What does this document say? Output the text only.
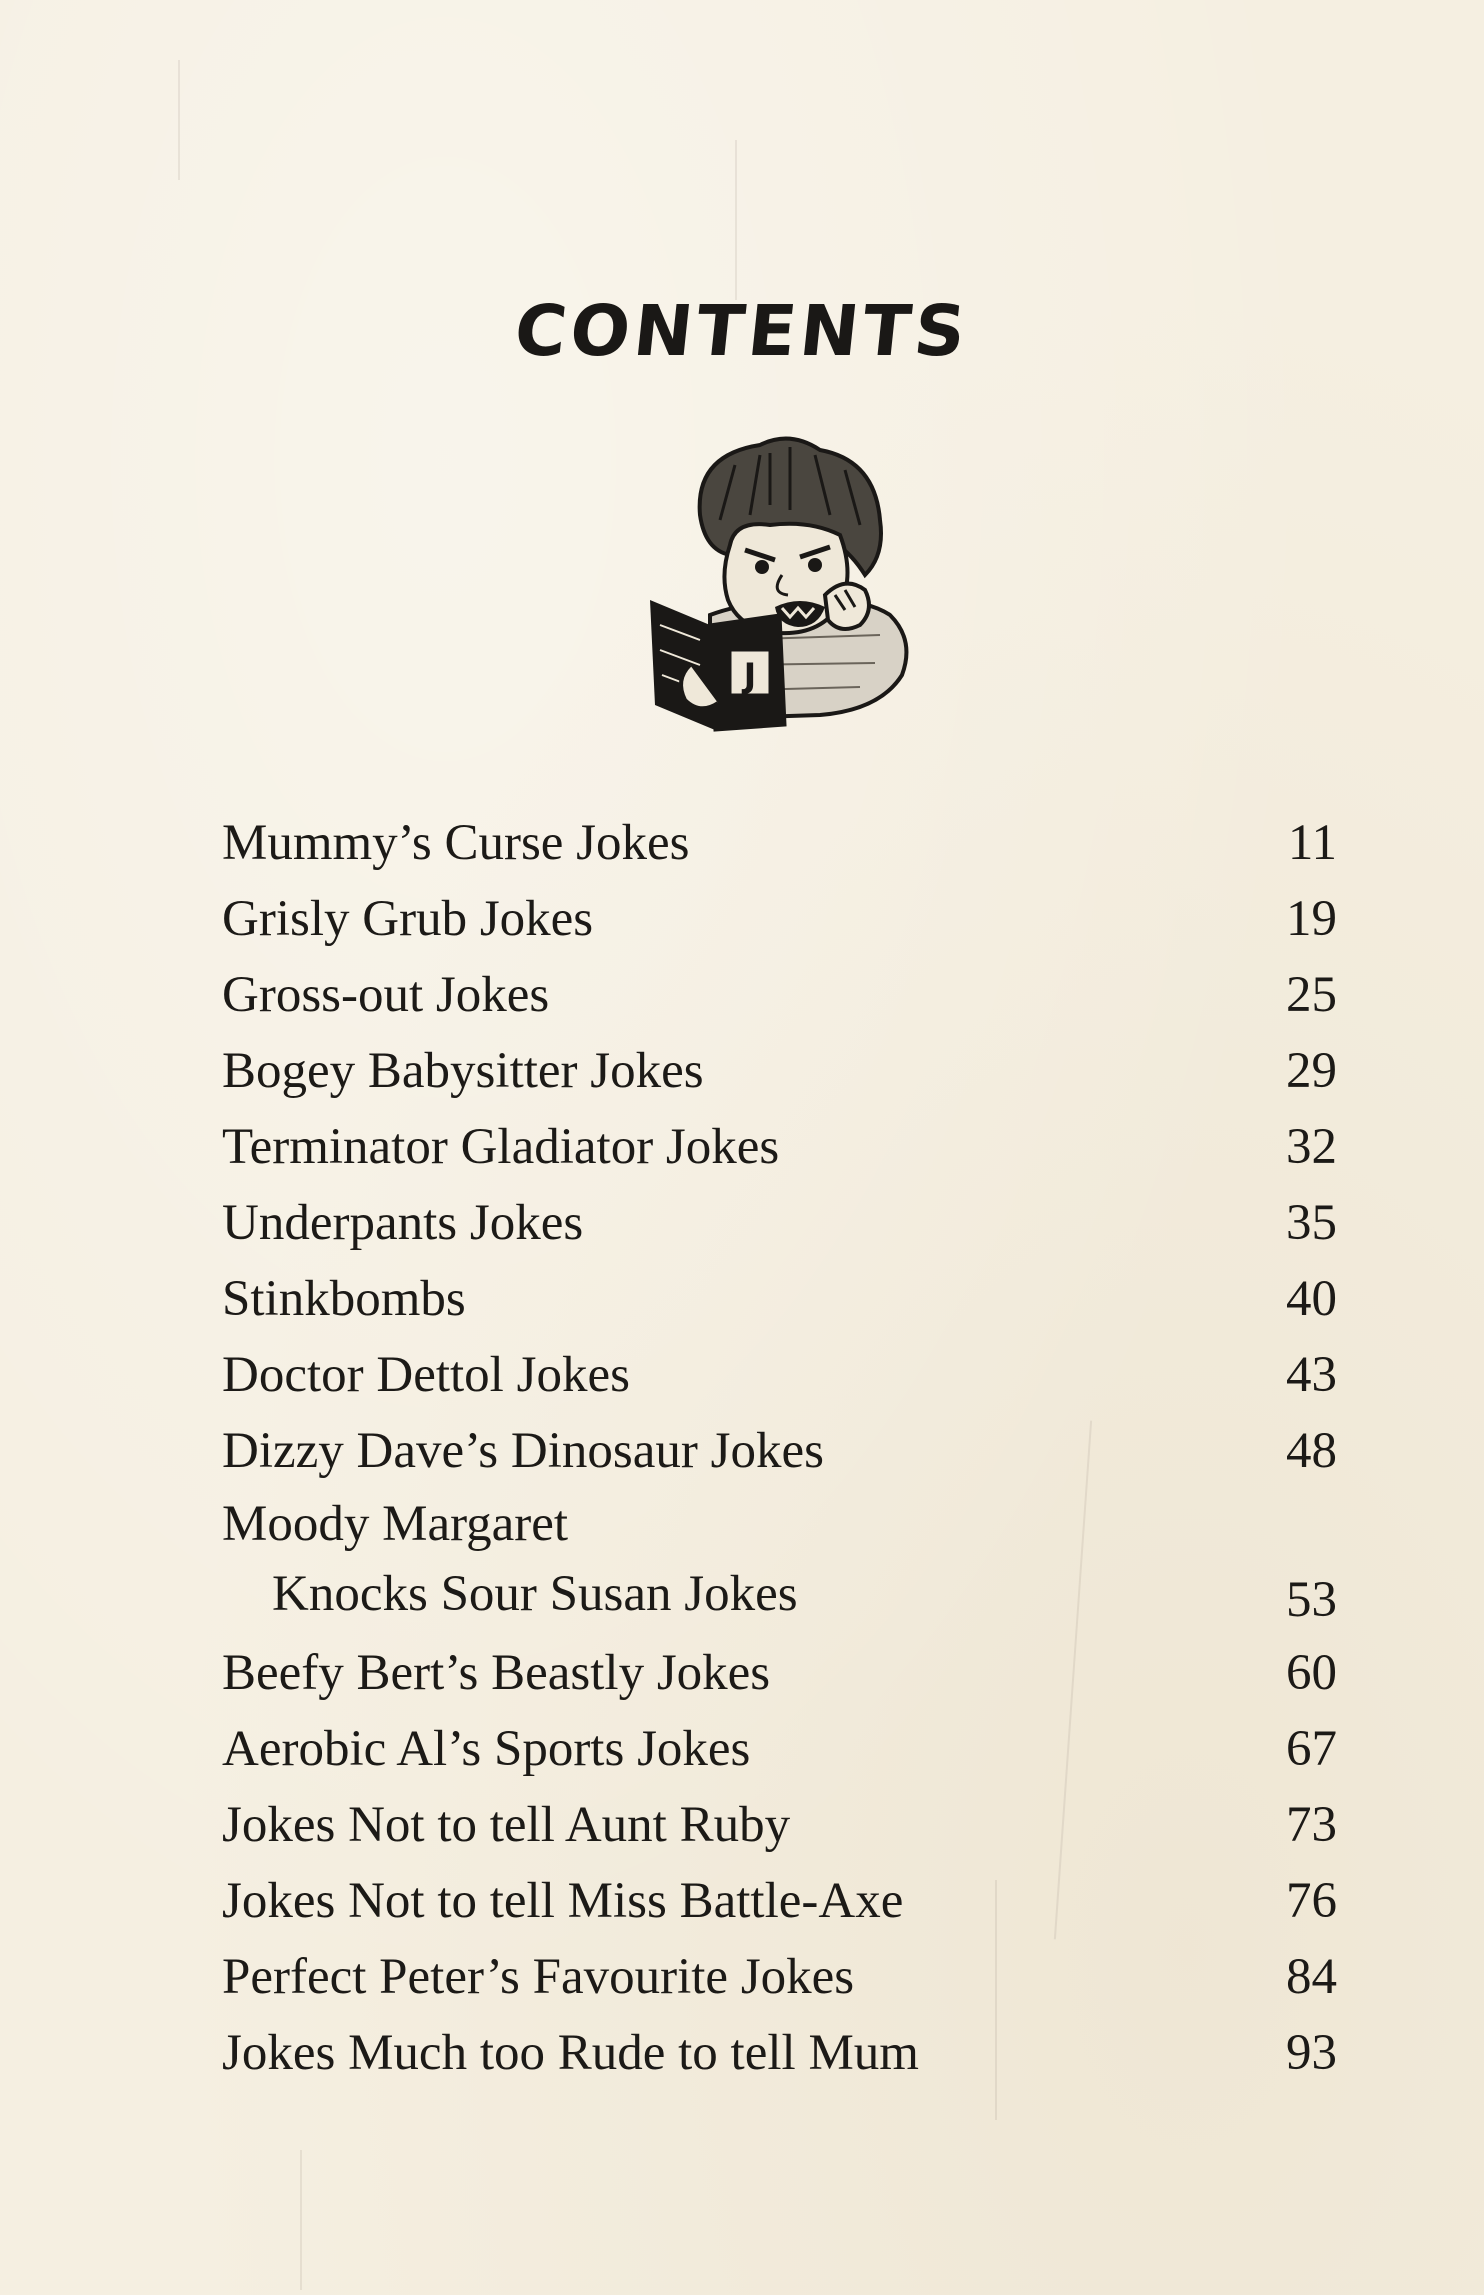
CONTENTS
J
Mummy’s Curse Jokes	11
Grisly Grub Jokes	19
Gross-out Jokes	25
Bogey Babysitter Jokes	29
Terminator Gladiator Jokes	32
Underpants Jokes	35
Stinkbombs	40
Doctor Dettol Jokes	43
Dizzy Dave’s Dinosaur Jokes	48
Moody Margaret
Knocks Sour Susan Jokes	53
Beefy Bert’s Beastly Jokes	60
Aerobic Al’s Sports Jokes	67
Jokes Not to tell Aunt Ruby	73
Jokes Not to tell Miss Battle-Axe	76
Perfect Peter’s Favourite Jokes	84
Jokes Much too Rude to tell Mum	93
